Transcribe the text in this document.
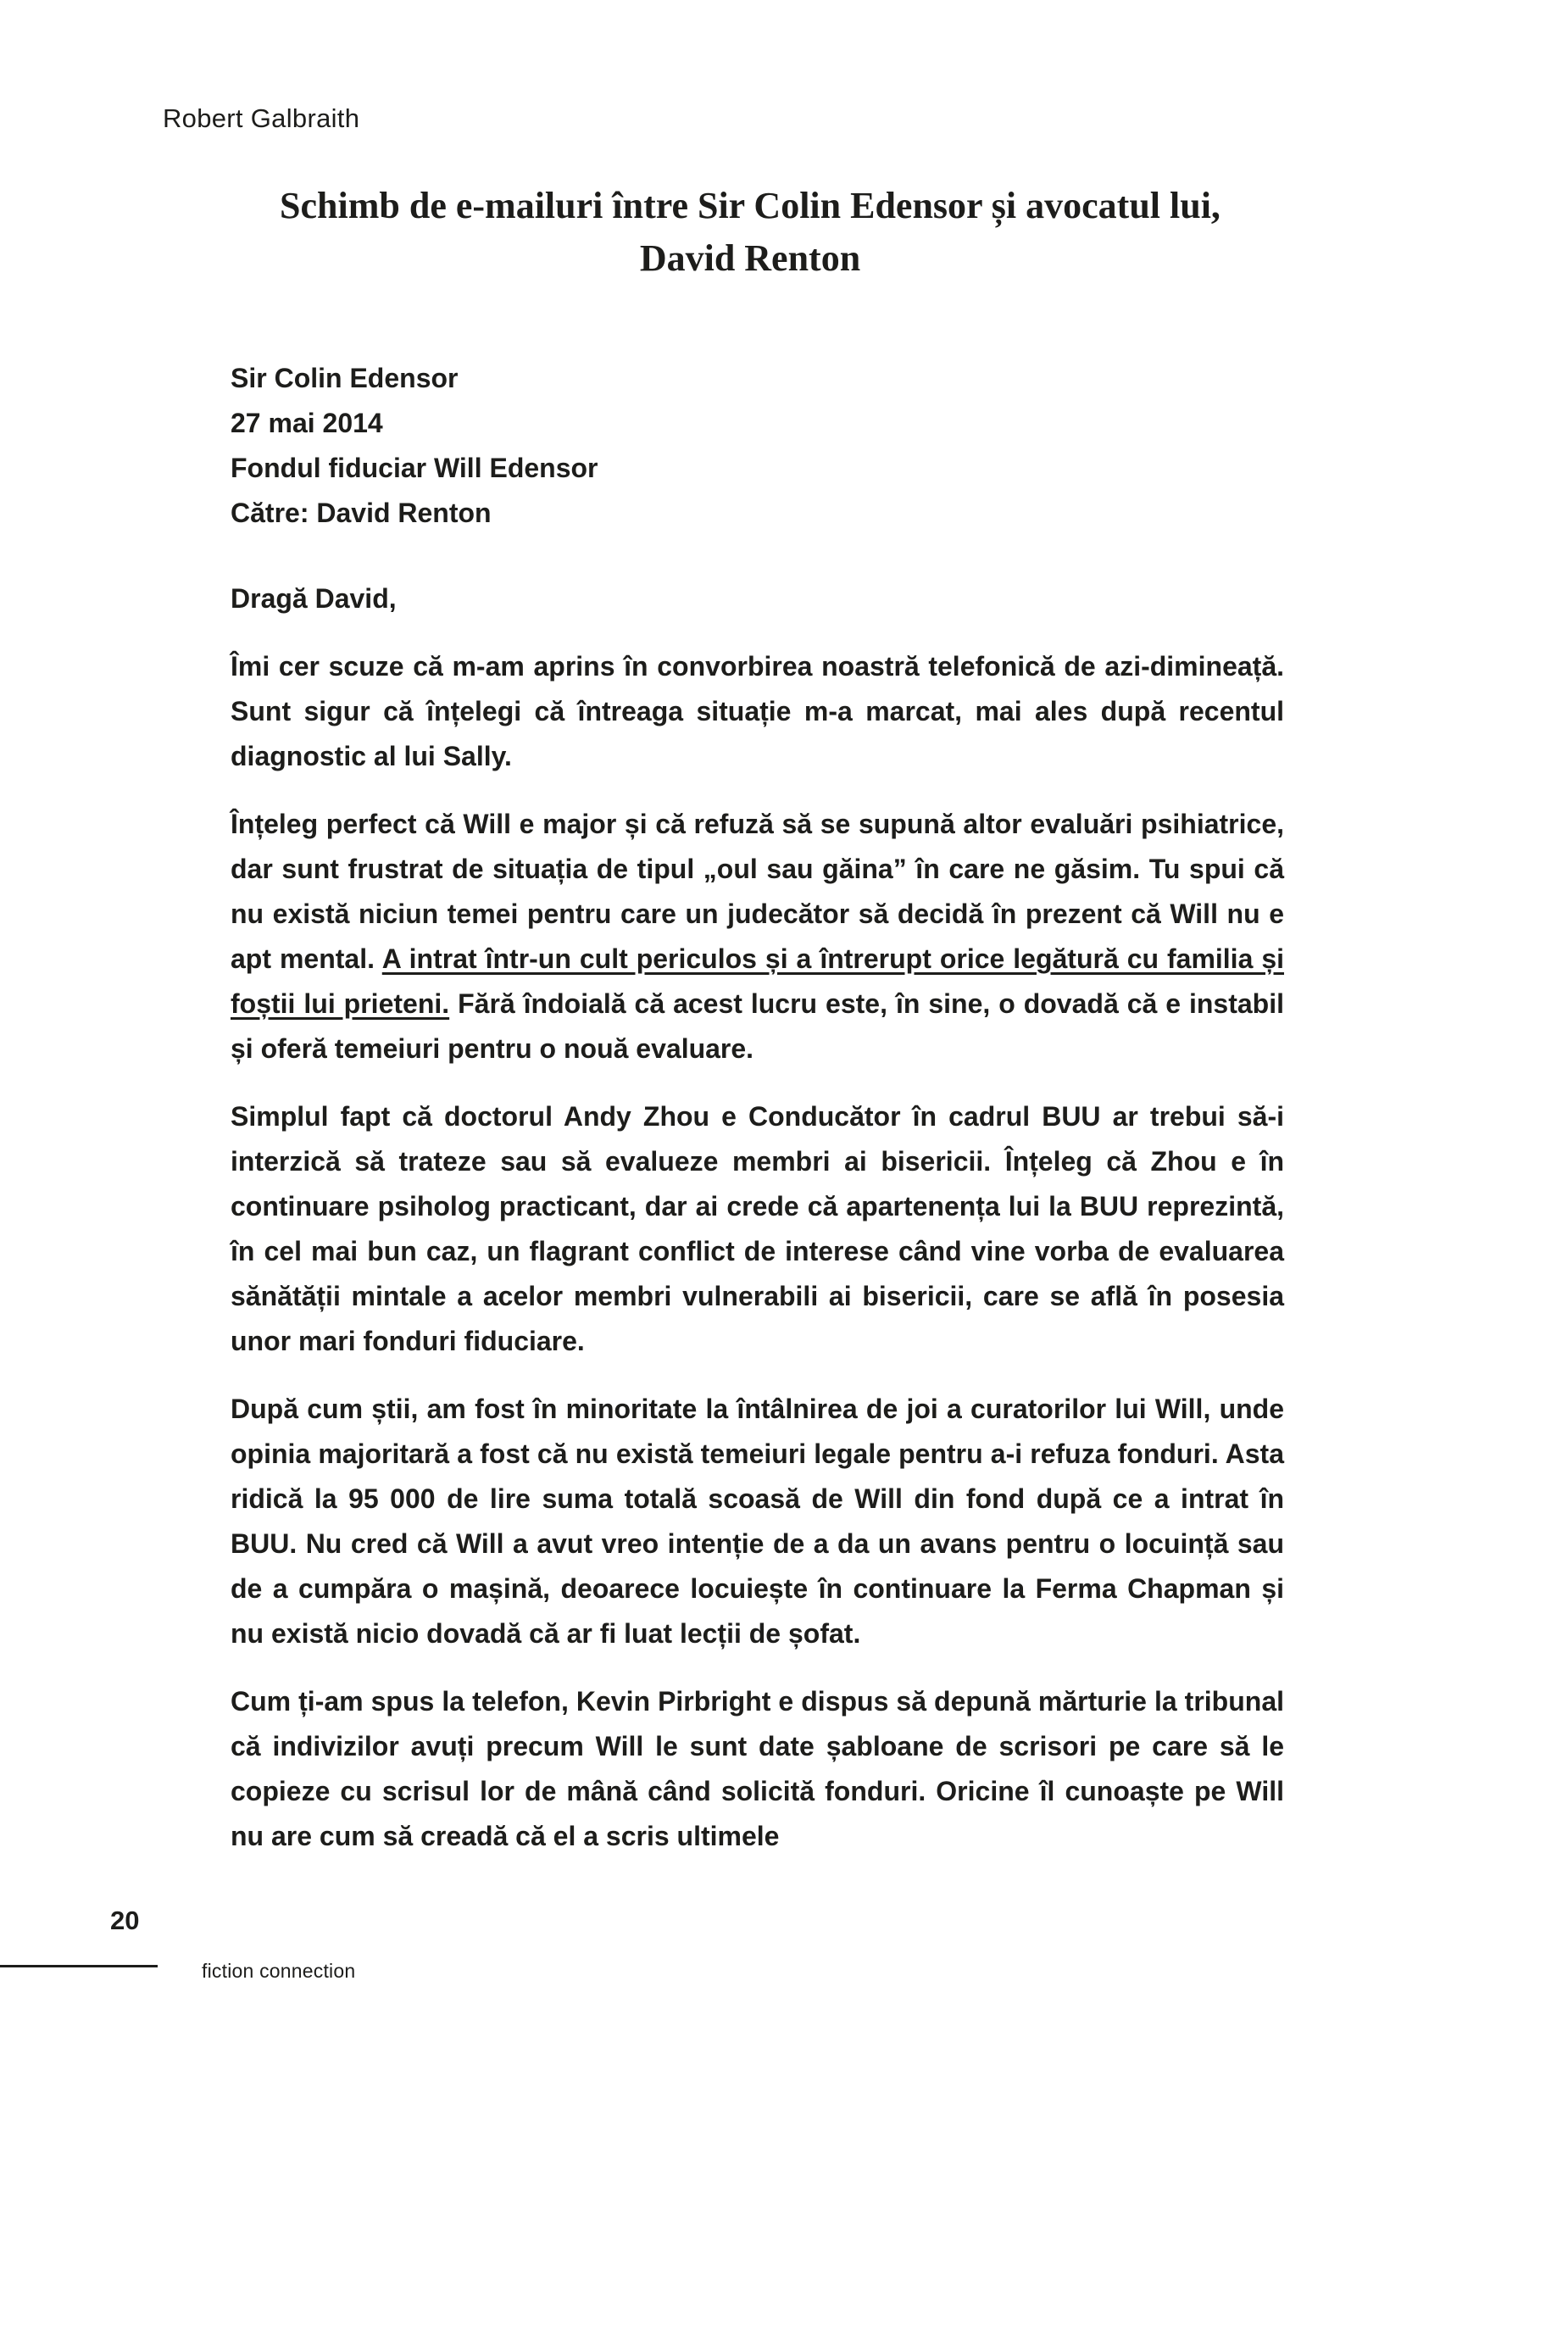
Robert Galbraith
Schimb de e-mailuri între Sir Colin Edensor și avocatul lui,
David Renton

Sir Colin Edensor

27 mai 2014

Fondul fiduciar Will Edensor

Către: David Renton

Dragă David,

Îmi cer scuze că m-am aprins în convorbirea noastră telefonică de azi-dimineață. Sunt sigur că înțelegi că întreaga situație m-a marcat, mai ales după recentul diagnostic al lui Sally.

Înțeleg perfect că Will e major și că refuză să se supună altor evaluări psihiatrice, dar sunt frustrat de situația de tipul „oul sau găina” în care ne găsim. Tu spui că nu există niciun temei pentru care un judecător să decidă în prezent că Will nu e apt mental. A intrat într-un cult periculos și a întrerupt orice legătură cu familia și foștii lui prieteni. Fără îndoială că acest lucru este, în sine, o dovadă că e instabil și oferă temeiuri pentru o nouă evaluare.

Simplul fapt că doctorul Andy Zhou e Conducător în cadrul BUU ar trebui să-i interzică să trateze sau să evalueze membri ai bisericii. Înțeleg că Zhou e în continuare psiholog practicant, dar ai crede că apartenența lui la BUU reprezintă, în cel mai bun caz, un flagrant conflict de interese când vine vorba de evaluarea sănătății mintale a acelor membri vulnerabili ai bisericii, care se află în posesia unor mari fonduri fiduciare.

După cum știi, am fost în minoritate la întâlnirea de joi a curatorilor lui Will, unde opinia majoritară a fost că nu există temeiuri legale pentru a-i refuza fonduri. Asta ridică la 95 000 de lire suma totală scoasă de Will din fond după ce a intrat în BUU. Nu cred că Will a avut vreo intenție de a da un avans pentru o locuință sau de a cumpăra o mașină, deoarece locuiește în continuare la Ferma Chapman și nu există nicio dovadă că ar fi luat lecții de șofat.

Cum ți-am spus la telefon, Kevin Pirbright e dispus să depună mărturie la tribunal că indivizilor avuți precum Will le sunt date șabloane de scrisori pe care să le copieze cu scrisul lor de mână când solicită fonduri. Oricine îl cunoaște pe Will nu are cum să creadă că el a scris ultimele

20
fiction connection
